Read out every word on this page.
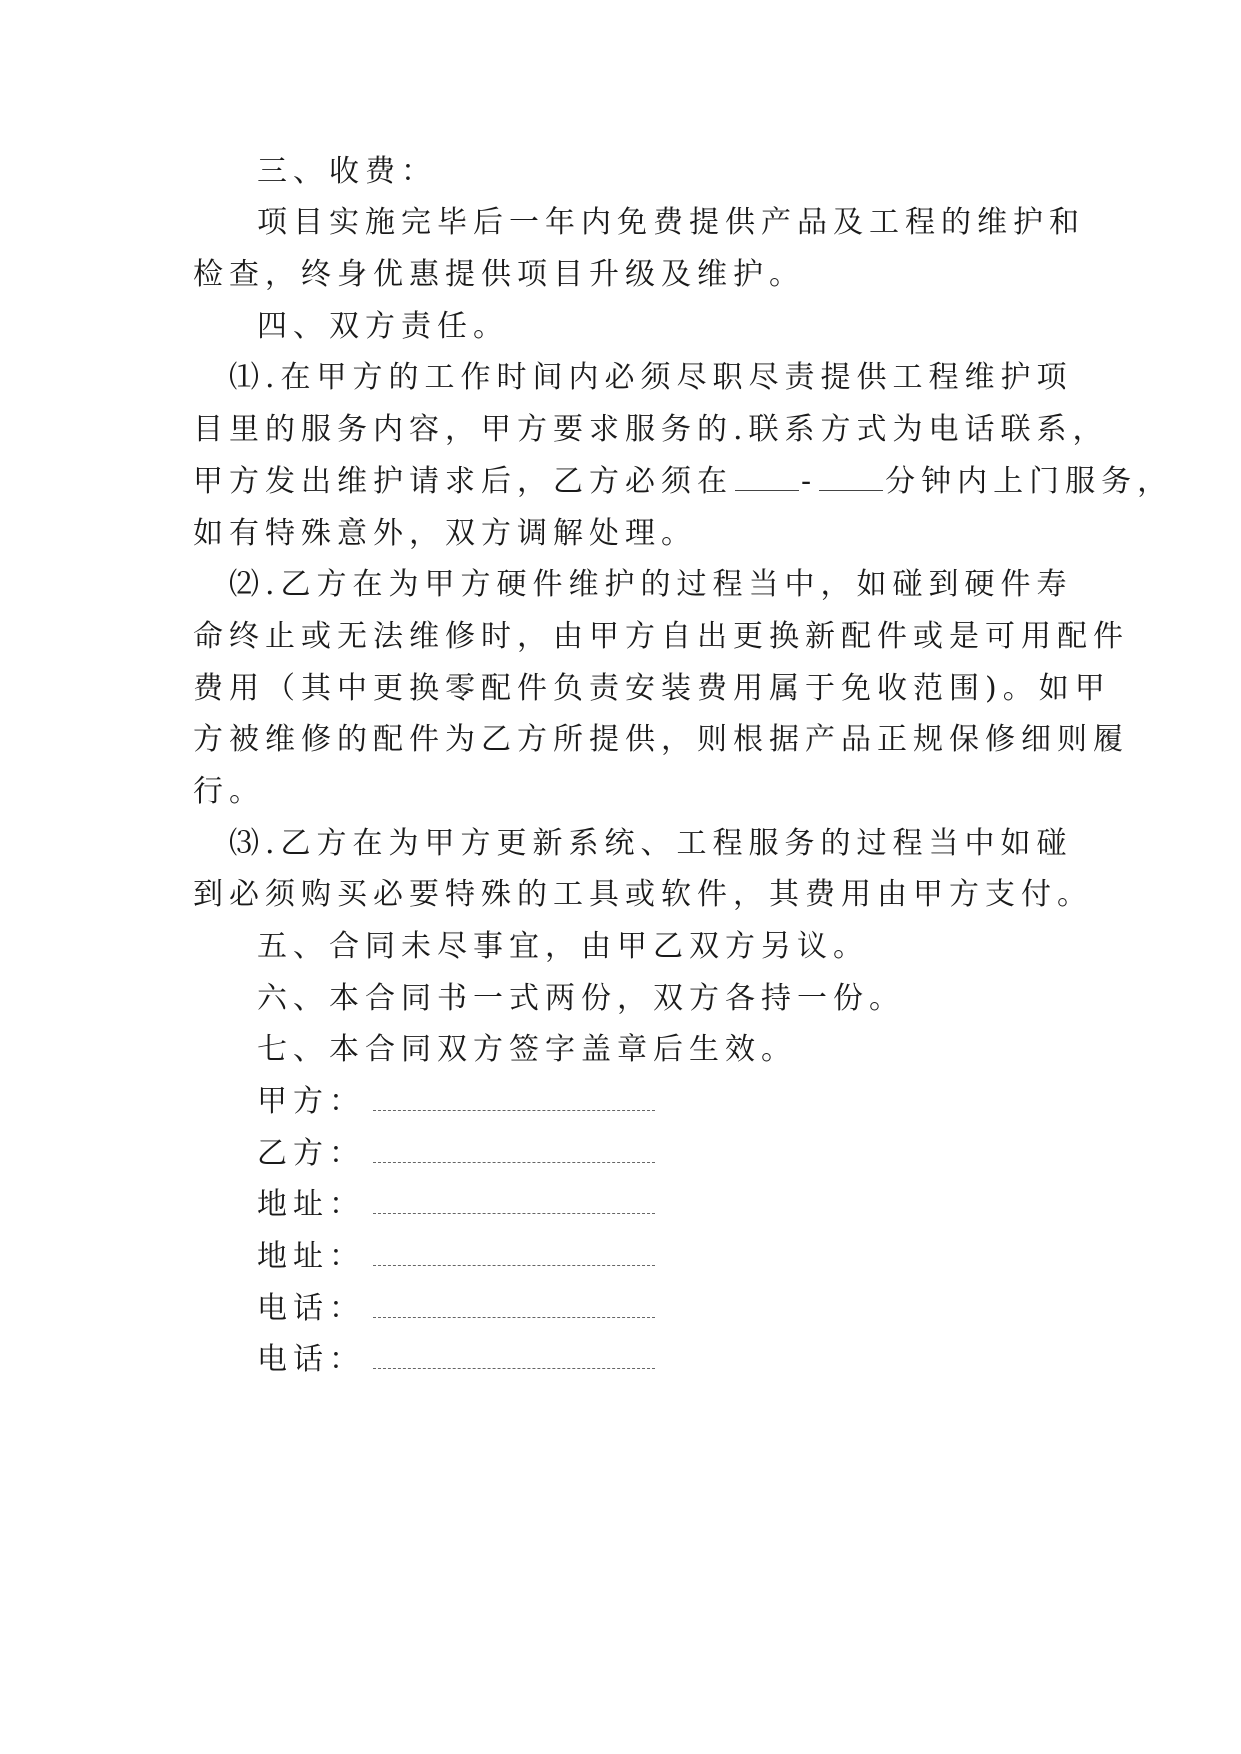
三、收费：
项目实施完毕后一年内免费提供产品及工程的维护和
检查，终身优惠提供项目升级及维护。
四、双方责任。
⑴.在甲方的工作时间内必须尽职尽责提供工程维护项
目里的服务内容，甲方要求服务的.联系方式为电话联系，
甲方发出维护请求后，乙方必须在 - 分钟内上门服务，
如有特殊意外，双方调解处理。
⑵.乙方在为甲方硬件维护的过程当中，如碰到硬件寿
命终止或无法维修时，由甲方自出更换新配件或是可用配件
费用（其中更换零配件负责安装费用属于免收范围)。如甲
方被维修的配件为乙方所提供，则根据产品正规保修细则履
行。
⑶.乙方在为甲方更新系统、工程服务的过程当中如碰
到必须购买必要特殊的工具或软件，其费用由甲方支付。
五、合同未尽事宜，由甲乙双方另议。
六、本合同书一式两份，双方各持一份。
七、本合同双方签字盖章后生效。
甲方：
乙方：
地址：
地址：
电话：
电话：
